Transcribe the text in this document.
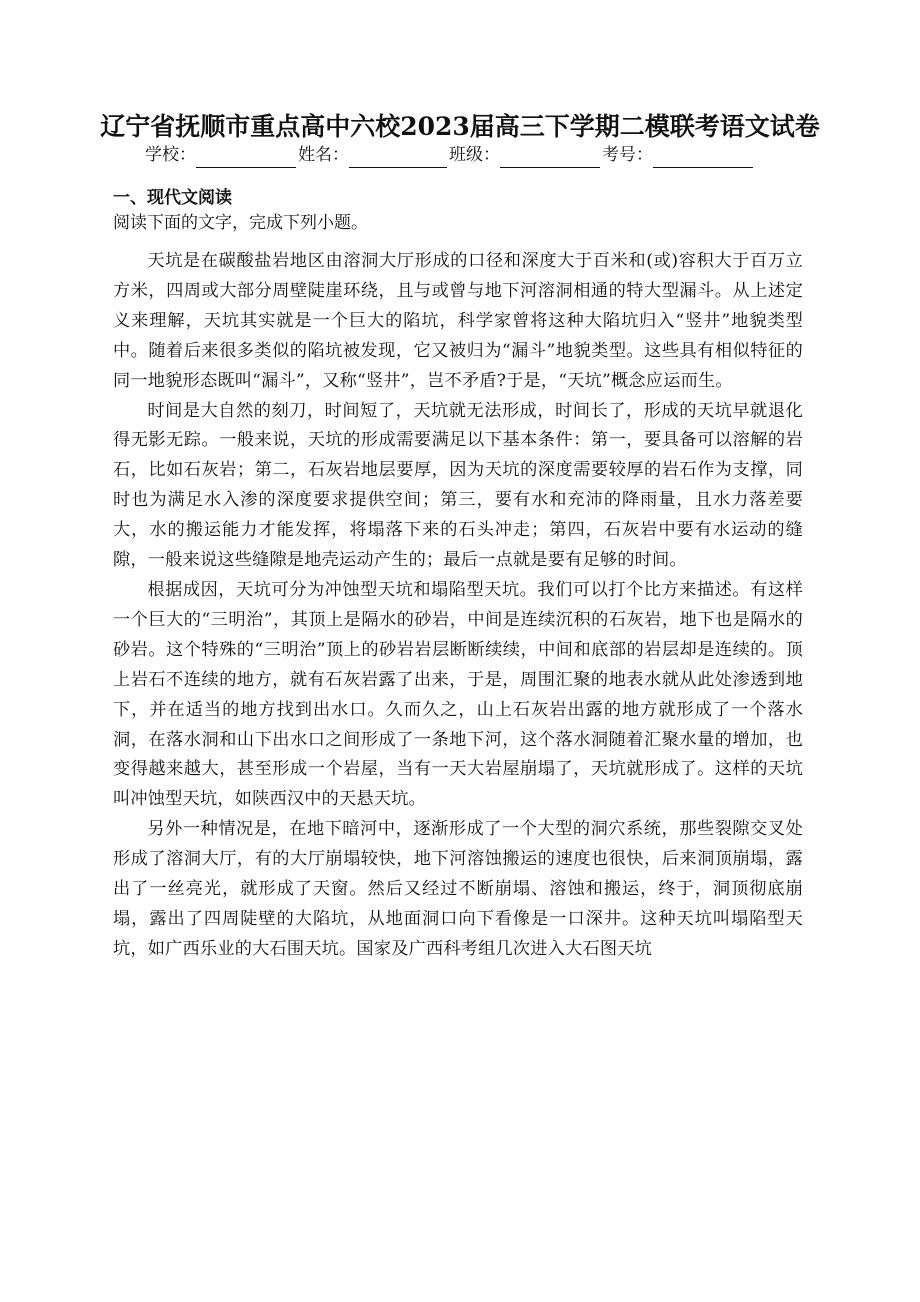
辽宁省抚顺市重点高中六校2023届高三下学期二模联考语文试卷
学校：	姓名：	班级：	考号：
一、现代文阅读
阅读下面的文字，完成下列小题。

天坑是在碳酸盐岩地区由溶洞大厅形成的口径和深度大于百米和(或)容积大于百万立方米，四周或大部分周壁陡崖环绕，且与或曾与地下河溶洞相通的特大型漏斗。从上述定义来理解，天坑其实就是一个巨大的陷坑，科学家曾将这种大陷坑归入“竖井”地貌类型中。随着后来很多类似的陷坑被发现，它又被归为“漏斗”地貌类型。这些具有相似特征的同一地貌形态既叫“漏斗”，又称“竖井”，岂不矛盾?于是，“天坑”概念应运而生。

时间是大自然的刻刀，时间短了，天坑就无法形成，时间长了，形成的天坑早就退化得无影无踪。一般来说，天坑的形成需要满足以下基本条件：第一，要具备可以溶解的岩石，比如石灰岩；第二，石灰岩地层要厚，因为天坑的深度需要较厚的岩石作为支撑，同时也为满足水入渗的深度要求提供空间；第三，要有水和充沛的降雨量，且水力落差要大，水的搬运能力才能发挥，将塌落下来的石头冲走；第四，石灰岩中要有水运动的缝隙，一般来说这些缝隙是地壳运动产生的；最后一点就是要有足够的时间。

根据成因，天坑可分为冲蚀型天坑和塌陷型天坑。我们可以打个比方来描述。有这样一个巨大的“三明治”，其顶上是隔水的砂岩，中间是连续沉积的石灰岩，地下也是隔水的砂岩。这个特殊的“三明治”顶上的砂岩岩层断断续续，中间和底部的岩层却是连续的。顶上岩石不连续的地方，就有石灰岩露了出来，于是，周围汇聚的地表水就从此处渗透到地下，并在适当的地方找到出水口。久而久之，山上石灰岩出露的地方就形成了一个落水洞，在落水洞和山下出水口之间形成了一条地下河，这个落水洞随着汇聚水量的增加，也变得越来越大，甚至形成一个岩屋，当有一天大岩屋崩塌了，天坑就形成了。这样的天坑叫冲蚀型天坑，如陕西汉中的天悬天坑。

另外一种情况是，在地下暗河中，逐渐形成了一个大型的洞穴系统，那些裂隙交叉处形成了溶洞大厅，有的大厅崩塌较快，地下河溶蚀搬运的速度也很快，后来洞顶崩塌，露出了一丝亮光，就形成了天窗。然后又经过不断崩塌、溶蚀和搬运，终于，洞顶彻底崩塌，露出了四周陡壁的大陷坑，从地面洞口向下看像是一口深井。这种天坑叫塌陷型天坑，如广西乐业的大石围天坑。国家及广西科考组几次进入大石图天坑
